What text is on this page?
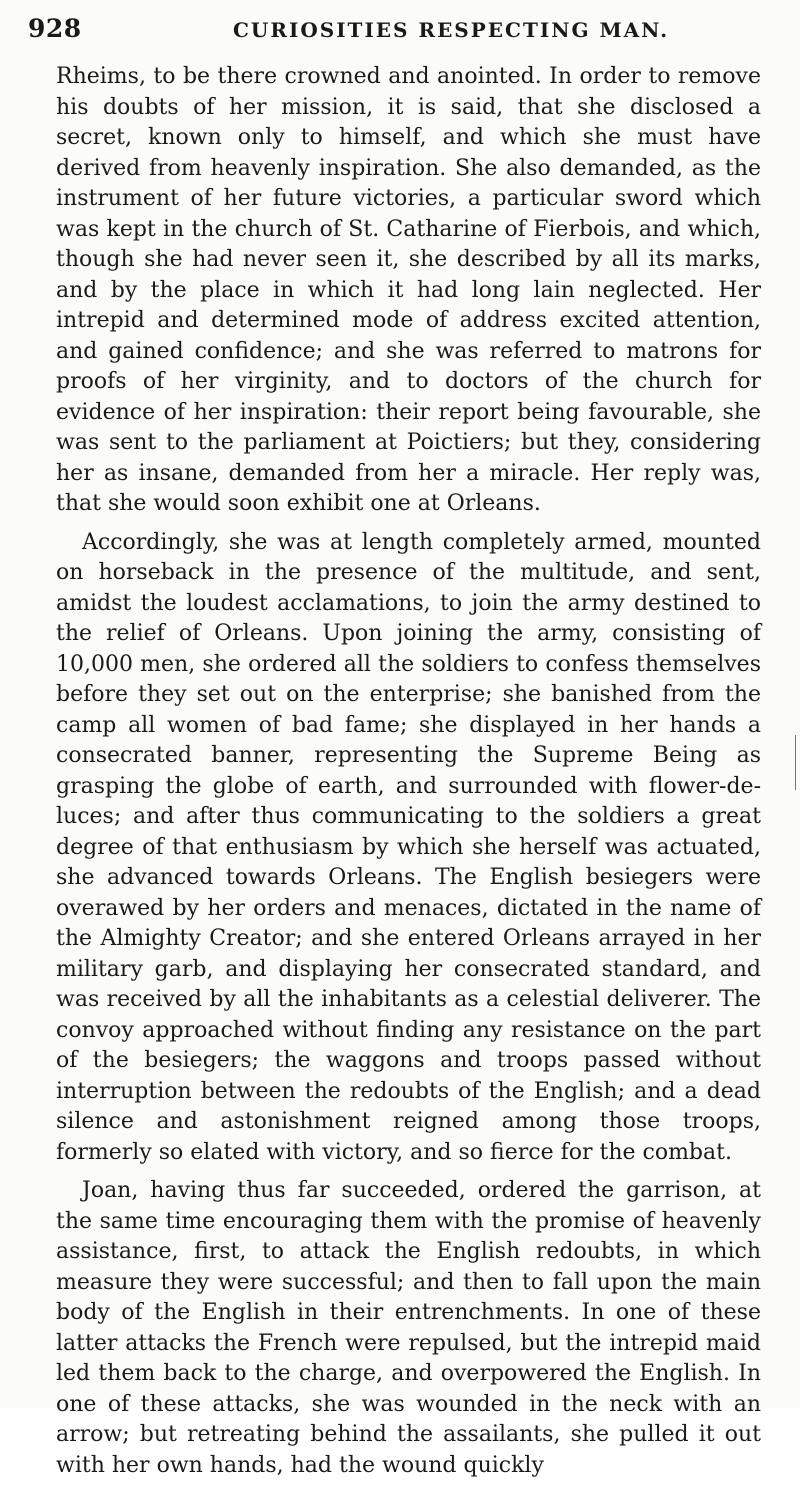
928	CURIOSITIES RESPECTING MAN.

Rheims, to be there crowned and anointed. In order to remove his doubts of her mission, it is said, that she disclosed a secret, known only to himself, and which she must have derived from heavenly inspiration. She also demanded, as the instrument of her future victories, a particular sword which was kept in the church of St. Catharine of Fierbois, and which, though she had never seen it, she described by all its marks, and by the place in which it had long lain neglected. Her intrepid and determined mode of address excited attention, and gained confidence; and she was referred to matrons for proofs of her virginity, and to doctors of the church for evidence of her inspiration: their report being favourable, she was sent to the parliament at Poictiers; but they, considering her as insane, demanded from her a miracle. Her reply was, that she would soon exhibit one at Orleans.

Accordingly, she was at length completely armed, mounted on horseback in the presence of the multitude, and sent, amidst the loudest acclamations, to join the army destined to the relief of Orleans. Upon joining the army, consisting of 10,000 men, she ordered all the soldiers to confess themselves before they set out on the enterprise; she banished from the camp all women of bad fame; she displayed in her hands a consecrated banner, representing the Supreme Being as grasping the globe of earth, and surrounded with flower-de-luces; and after thus communicating to the soldiers a great degree of that enthusiasm by which she herself was actuated, she advanced towards Orleans. The English besiegers were overawed by her orders and menaces, dictated in the name of the Almighty Creator; and she entered Orleans arrayed in her military garb, and displaying her consecrated standard, and was received by all the inhabitants as a celestial deliverer. The convoy approached without finding any resistance on the part of the besiegers; the waggons and troops passed without interruption between the redoubts of the English; and a dead silence and astonishment reigned among those troops, formerly so elated with victory, and so fierce for the combat.

Joan, having thus far succeeded, ordered the garrison, at the same time encouraging them with the promise of heavenly assistance, first, to attack the English redoubts, in which measure they were successful; and then to fall upon the main body of the English in their entrenchments. In one of these latter attacks the French were repulsed, but the intrepid maid led them back to the charge, and overpowered the English. In one of these attacks, she was wounded in the neck with an arrow; but retreating behind the assailants, she pulled it out with her own hands, had the wound quickly
